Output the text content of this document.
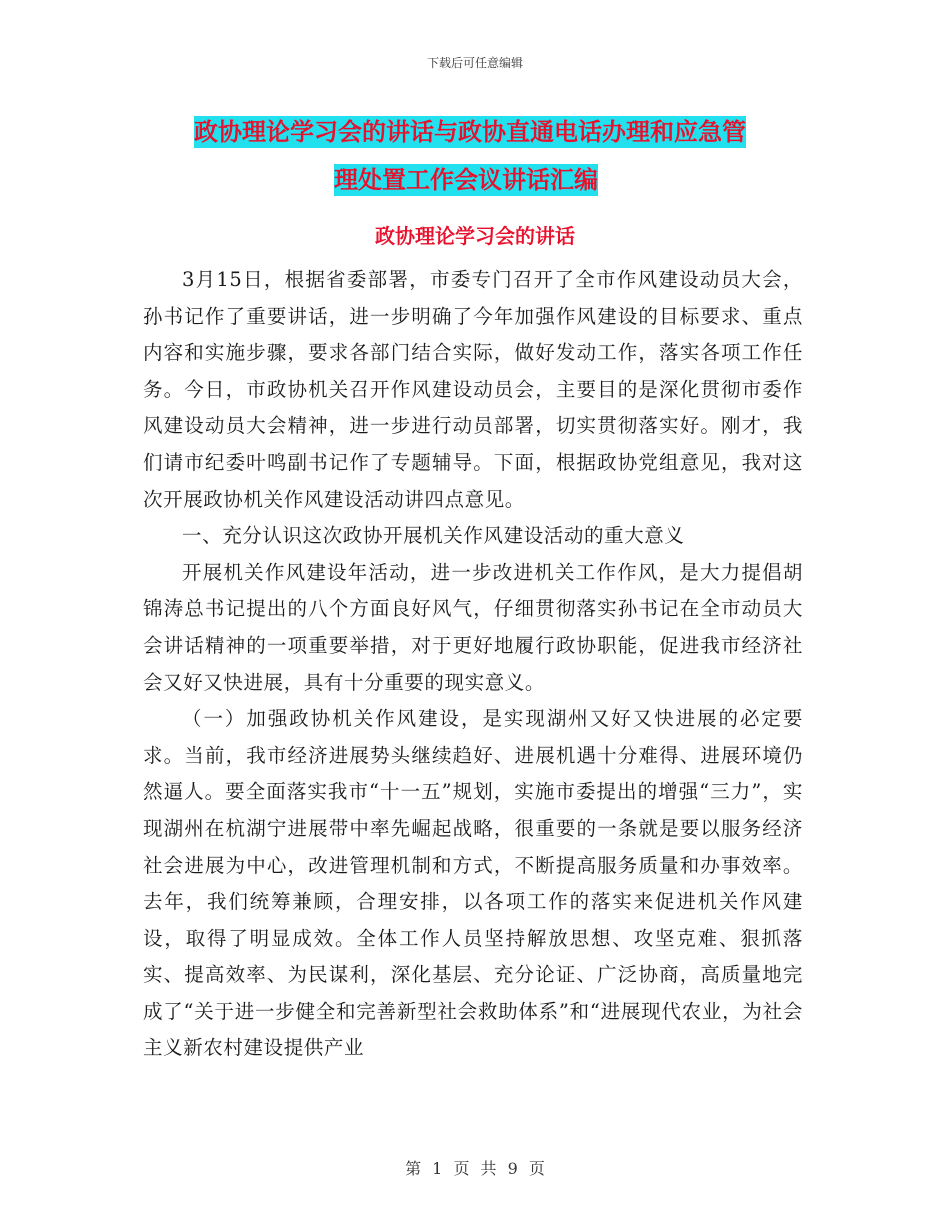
下载后可任意编辑
政协理论学习会的讲话与政协直通电话办理和应急管
理处置工作会议讲话汇编
政协理论学习会的讲话

3月15日，根据省委部署，市委专门召开了全市作风建设动员大会，孙书记作了重要讲话，进一步明确了今年加强作风建设的目标要求、重点内容和实施步骤，要求各部门结合实际，做好发动工作，落实各项工作任务。今日，市政协机关召开作风建设动员会，主要目的是深化贯彻市委作风建设动员大会精神，进一步进行动员部署，切实贯彻落实好。刚才，我们请市纪委叶鸣副书记作了专题辅导。下面，根据政协党组意见，我对这次开展政协机关作风建设活动讲四点意见。

一、充分认识这次政协开展机关作风建设活动的重大意义

开展机关作风建设年活动，进一步改进机关工作作风，是大力提倡胡锦涛总书记提出的八个方面良好风气，仔细贯彻落实孙书记在全市动员大会讲话精神的一项重要举措，对于更好地履行政协职能，促进我市经济社会又好又快进展，具有十分重要的现实意义。

（一）加强政协机关作风建设，是实现湖州又好又快进展的必定要求。当前，我市经济进展势头继续趋好、进展机遇十分难得、进展环境仍然逼人。要全面落实我市“十一五”规划，实施市委提出的增强“三力”，实现湖州在杭湖宁进展带中率先崛起战略，很重要的一条就是要以服务经济社会进展为中心，改进管理机制和方式，不断提高服务质量和办事效率。去年，我们统筹兼顾，合理安排，以各项工作的落实来促进机关作风建设，取得了明显成效。全体工作人员坚持解放思想、攻坚克难、狠抓落实、提高效率、为民谋利，深化基层、充分论证、广泛协商，高质量地完成了“关于进一步健全和完善新型社会救助体系”和“进展现代农业，为社会主义新农村建设提供产业

第 1 页 共 9 页
